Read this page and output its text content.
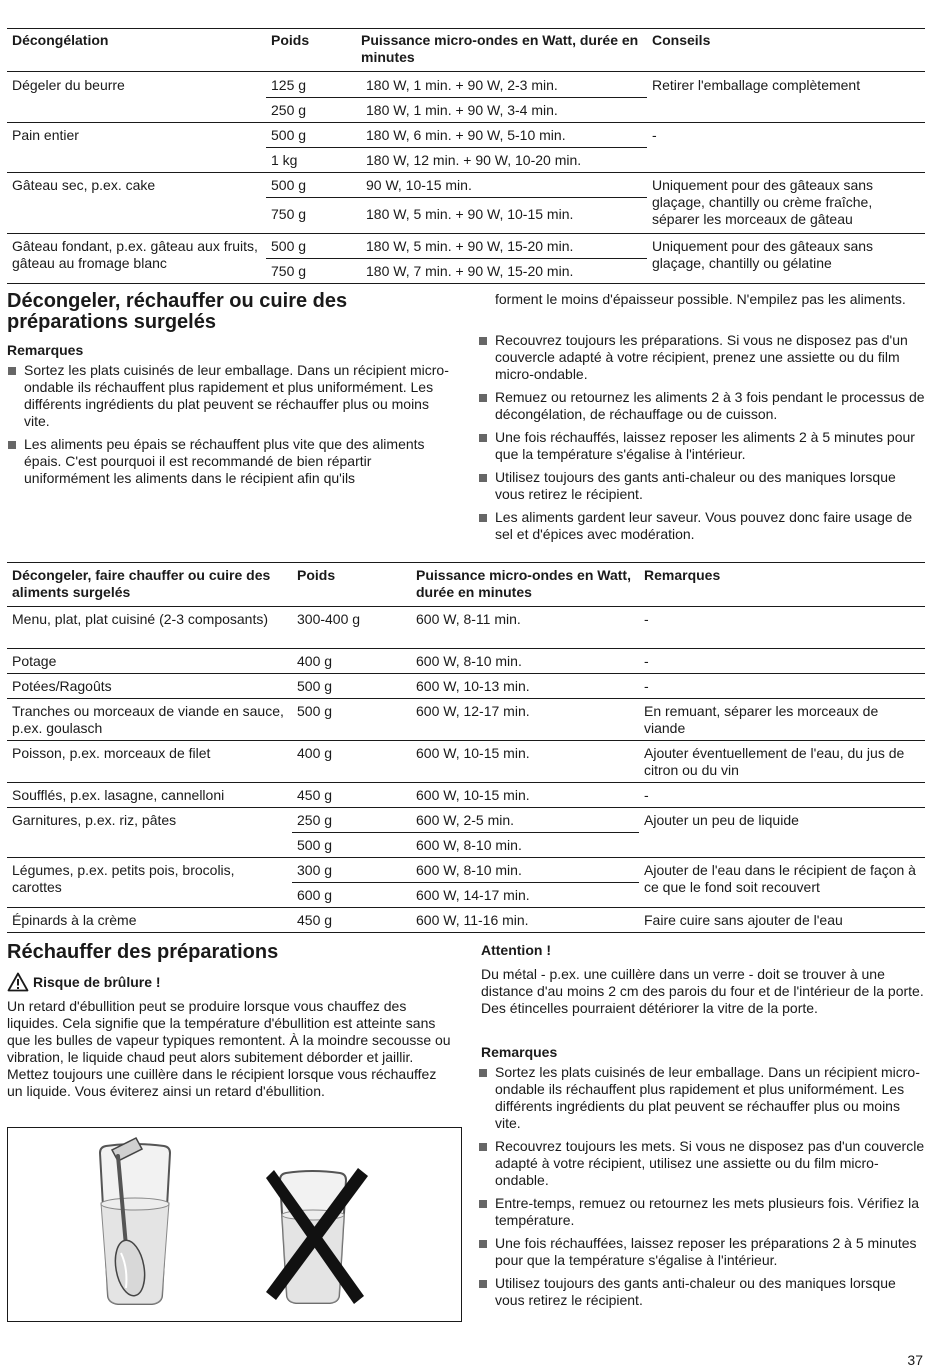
Décongélation	Poids	Puissance micro-ondes en Watt, durée en minutes	Conseils
Dégeler du beurre	125 g 180 W, 1 min. + 90 W, 2-3 min.
250 g 180 W, 1 min. + 90 W, 3-4 min.		Retirer l'emballage complètement
Pain entier	500 g 180 W, 6 min. + 90 W, 5-10 min.
1 kg 180 W, 12 min. + 90 W, 10-20 min.		-
Gâteau sec, p.ex. cake	500 g 90 W, 10-15 min.
750 g 180 W, 5 min. + 90 W, 10-15 min.		Uniquement pour des gâteaux sans glaçage, chantilly ou crème fraîche, séparer les morceaux de gâteau
Gâteau fondant, p.ex. gâteau aux fruits, gâteau au fromage blanc	500 g 180 W, 5 min. + 90 W, 15-20 min.
750 g 180 W, 7 min. + 90 W, 15-20 min.		Uniquement pour des gâteaux sans glaçage, chantilly ou gélatine
Décongeler, réchauffer ou cuire des préparations surgelés
Remarques
Sortez les plats cuisinés de leur emballage. Dans un récipient micro-ondable ils réchauffent plus rapidement et plus uniformément. Les différents ingrédients du plat peuvent se réchauffer plus ou moins vite.
Les aliments peu épais se réchauffent plus vite que des aliments épais. C'est pourquoi il est recommandé de bien répartir uniformément les aliments dans le récipient afin qu'ils

forment le moins d'épaisseur possible. N'empilez pas les aliments.

Recouvrez toujours les préparations. Si vous ne disposez pas d'un couvercle adapté à votre récipient, prenez une assiette ou du film micro-ondable.
Remuez ou retournez les aliments 2 à 3 fois pendant le processus de décongélation, de réchauffage ou de cuisson.
Une fois réchauffés, laissez reposer les aliments 2 à 5 minutes pour que la température s'égalise à l'intérieur.
Utilisez toujours des gants anti-chaleur ou des maniques lorsque vous retirez le récipient.
Les aliments gardent leur saveur. Vous pouvez donc faire usage de sel et d'épices avec modération.
Décongeler, faire chauffer ou cuire des aliments surgelés	Poids	Puissance micro-ondes en Watt, durée en minutes	Remarques
Menu, plat, plat cuisiné (2-3 composants)	300-400 g	600 W, 8-11 min.	-
Potage	400 g	600 W, 8-10 min.	-
Potées/Ragoûts	500 g	600 W, 10-13 min.	-
Tranches ou morceaux de viande en sauce, p.ex. goulasch	500 g	600 W, 12-17 min.	En remuant, séparer les morceaux de viande
Poisson, p.ex. morceaux de filet	400 g	600 W, 10-15 min.	Ajouter éventuellement de l'eau, du jus de citron ou du vin
Soufflés, p.ex. lasagne, cannelloni	450 g	600 W, 10-15 min.	-
Garnitures, p.ex. riz, pâtes	250 g 600 W, 2-5 min.
500 g 600 W, 8-10 min.		Ajouter un peu de liquide
Légumes, p.ex. petits pois, brocolis, carottes	300 g 600 W, 8-10 min.
600 g 600 W, 14-17 min.		Ajouter de l'eau dans le récipient de façon à ce que le fond soit recouvert
Épinards à la crème	450 g	600 W, 11-16 min.	Faire cuire sans ajouter de l'eau
Réchauffer des préparations
Risque de brûlure !

Un retard d'ébullition peut se produire lorsque vous chauffez des liquides. Cela signifie que la température d'ébullition est atteinte sans que les bulles de vapeur typiques remontent. À la moindre secousse ou vibration, le liquide chaud peut alors subitement déborder et jaillir. Mettez toujours une cuillère dans le récipient lorsque vous réchauffez un liquide. Vous éviterez ainsi un retard d'ébullition.

Attention !

Du métal - p.ex. une cuillère dans un verre - doit se trouver à une distance d'au moins 2 cm des parois du four et de l'intérieur de la porte. Des étincelles pourraient détériorer la vitre de la porte.

Remarques
Sortez les plats cuisinés de leur emballage. Dans un récipient micro-ondable ils réchauffent plus rapidement et plus uniformément. Les différents ingrédients du plat peuvent se réchauffer plus ou moins vite.
Recouvrez toujours les mets. Si vous ne disposez pas d'un couvercle adapté à votre récipient, utilisez une assiette ou du film micro-ondable.
Entre-temps, remuez ou retournez les mets plusieurs fois. Vérifiez la température.
Une fois réchauffées, laissez reposer les préparations 2 à 5 minutes pour que la température s'égalise à l'intérieur.
Utilisez toujours des gants anti-chaleur ou des maniques lorsque vous retirez le récipient.
37
